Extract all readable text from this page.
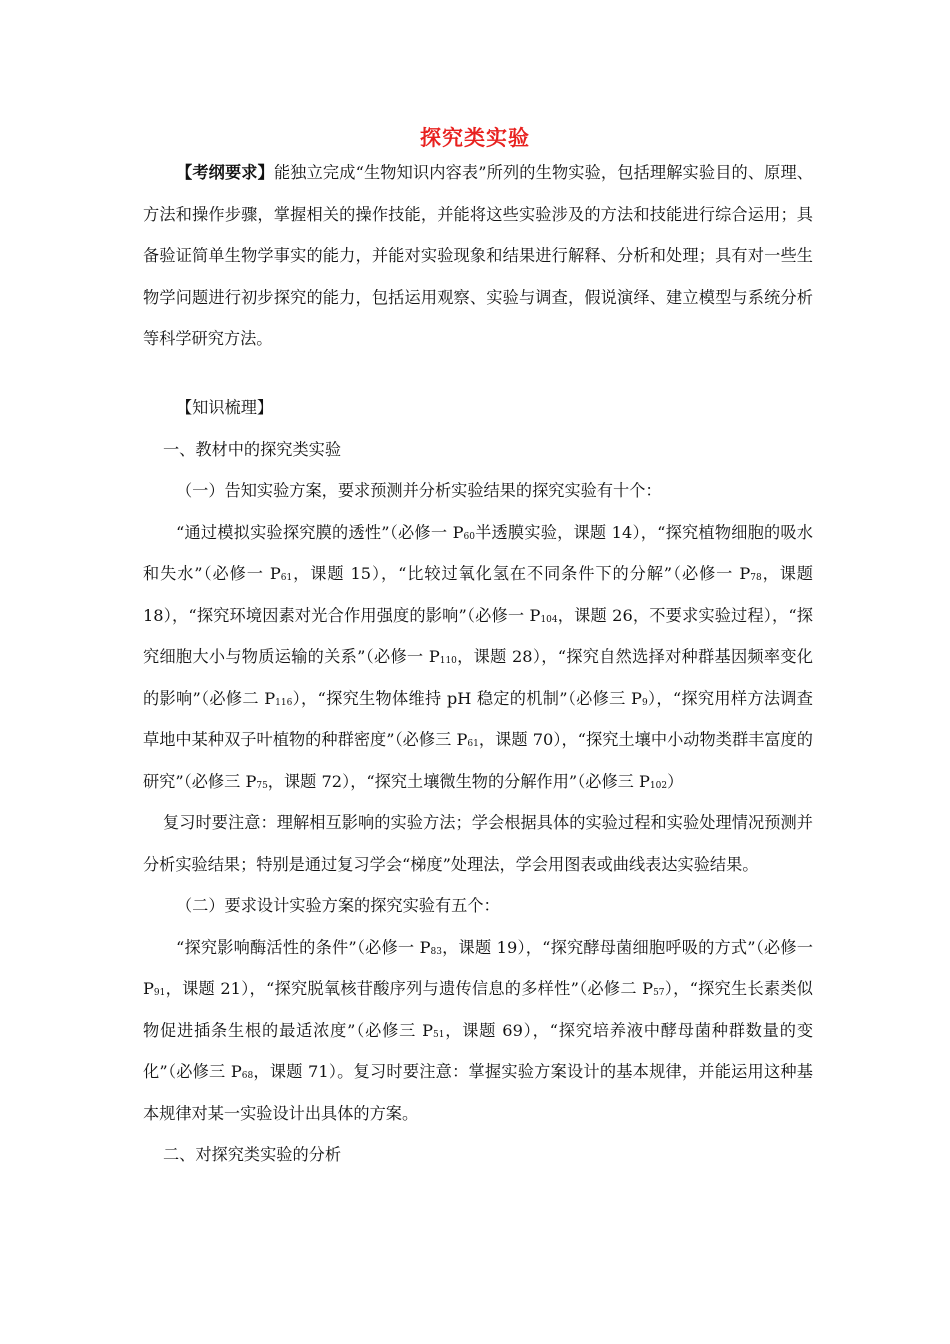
探究类实验

【考纲要求】能独立完成“生物知识内容表”所列的生物实验，包括理解实验目的、原理、方法和操作步骤，掌握相关的操作技能，并能将这些实验涉及的方法和技能进行综合运用；具备验证简单生物学事实的能力，并能对实验现象和结果进行解释、分析和处理；具有对一些生物学问题进行初步探究的能力，包括运用观察、实验与调查，假说演绎、建立模型与系统分析等科学研究方法。

【知识梳理】

一、教材中的探究类实验

（一）告知实验方案，要求预测并分析实验结果的探究实验有十个：

“通过模拟实验探究膜的透性”（必修一 $P_{60}$半透膜实验，课题 14），“探究植物细胞的吸水和失水”（必修一 $P_{61}$，课题 15），“比较过氧化氢在不同条件下的分解”（必修一 $P_{78}$，课题 18），“探究环境因素对光合作用强度的影响”（必修一 $P_{104}$，课题 26，不要求实验过程），“探究细胞大小与物质运输的关系”（必修一 $P_{110}$，课题 28），“探究自然选择对种群基因频率变化的影响”（必修二 $P_{116}$），“探究生物体维持 pH 稳定的机制”（必修三 $P_9$），“探究用样方法调查草地中某种双子叶植物的种群密度”（必修三 $P_{61}$，课题 70），“探究土壤中小动物类群丰富度的研究”（必修三 $P_{75}$，课题 72），“探究土壤微生物的分解作用”（必修三 $P_{102}$）

复习时要注意：理解相互影响的实验方法；学会根据具体的实验过程和实验处理情况预测并分析实验结果；特别是通过复习学会“梯度”处理法，学会用图表或曲线表达实验结果。

（二）要求设计实验方案的探究实验有五个：

“探究影响酶活性的条件”（必修一 $P_{83}$，课题 19），“探究酵母菌细胞呼吸的方式”（必修一 $P_{91}$，课题 21），“探究脱氧核苷酸序列与遗传信息的多样性”（必修二 $P_{57}$），“探究生长素类似物促进插条生根的最适浓度”（必修三 $P_{51}$，课题 69），“探究培养液中酵母菌种群数量的变化”（必修三 $P_{68}$，课题 71）。复习时要注意：掌握实验方案设计的基本规律，并能运用这种基本规律对某一实验设计出具体的方案。

二、对探究类实验的分析
